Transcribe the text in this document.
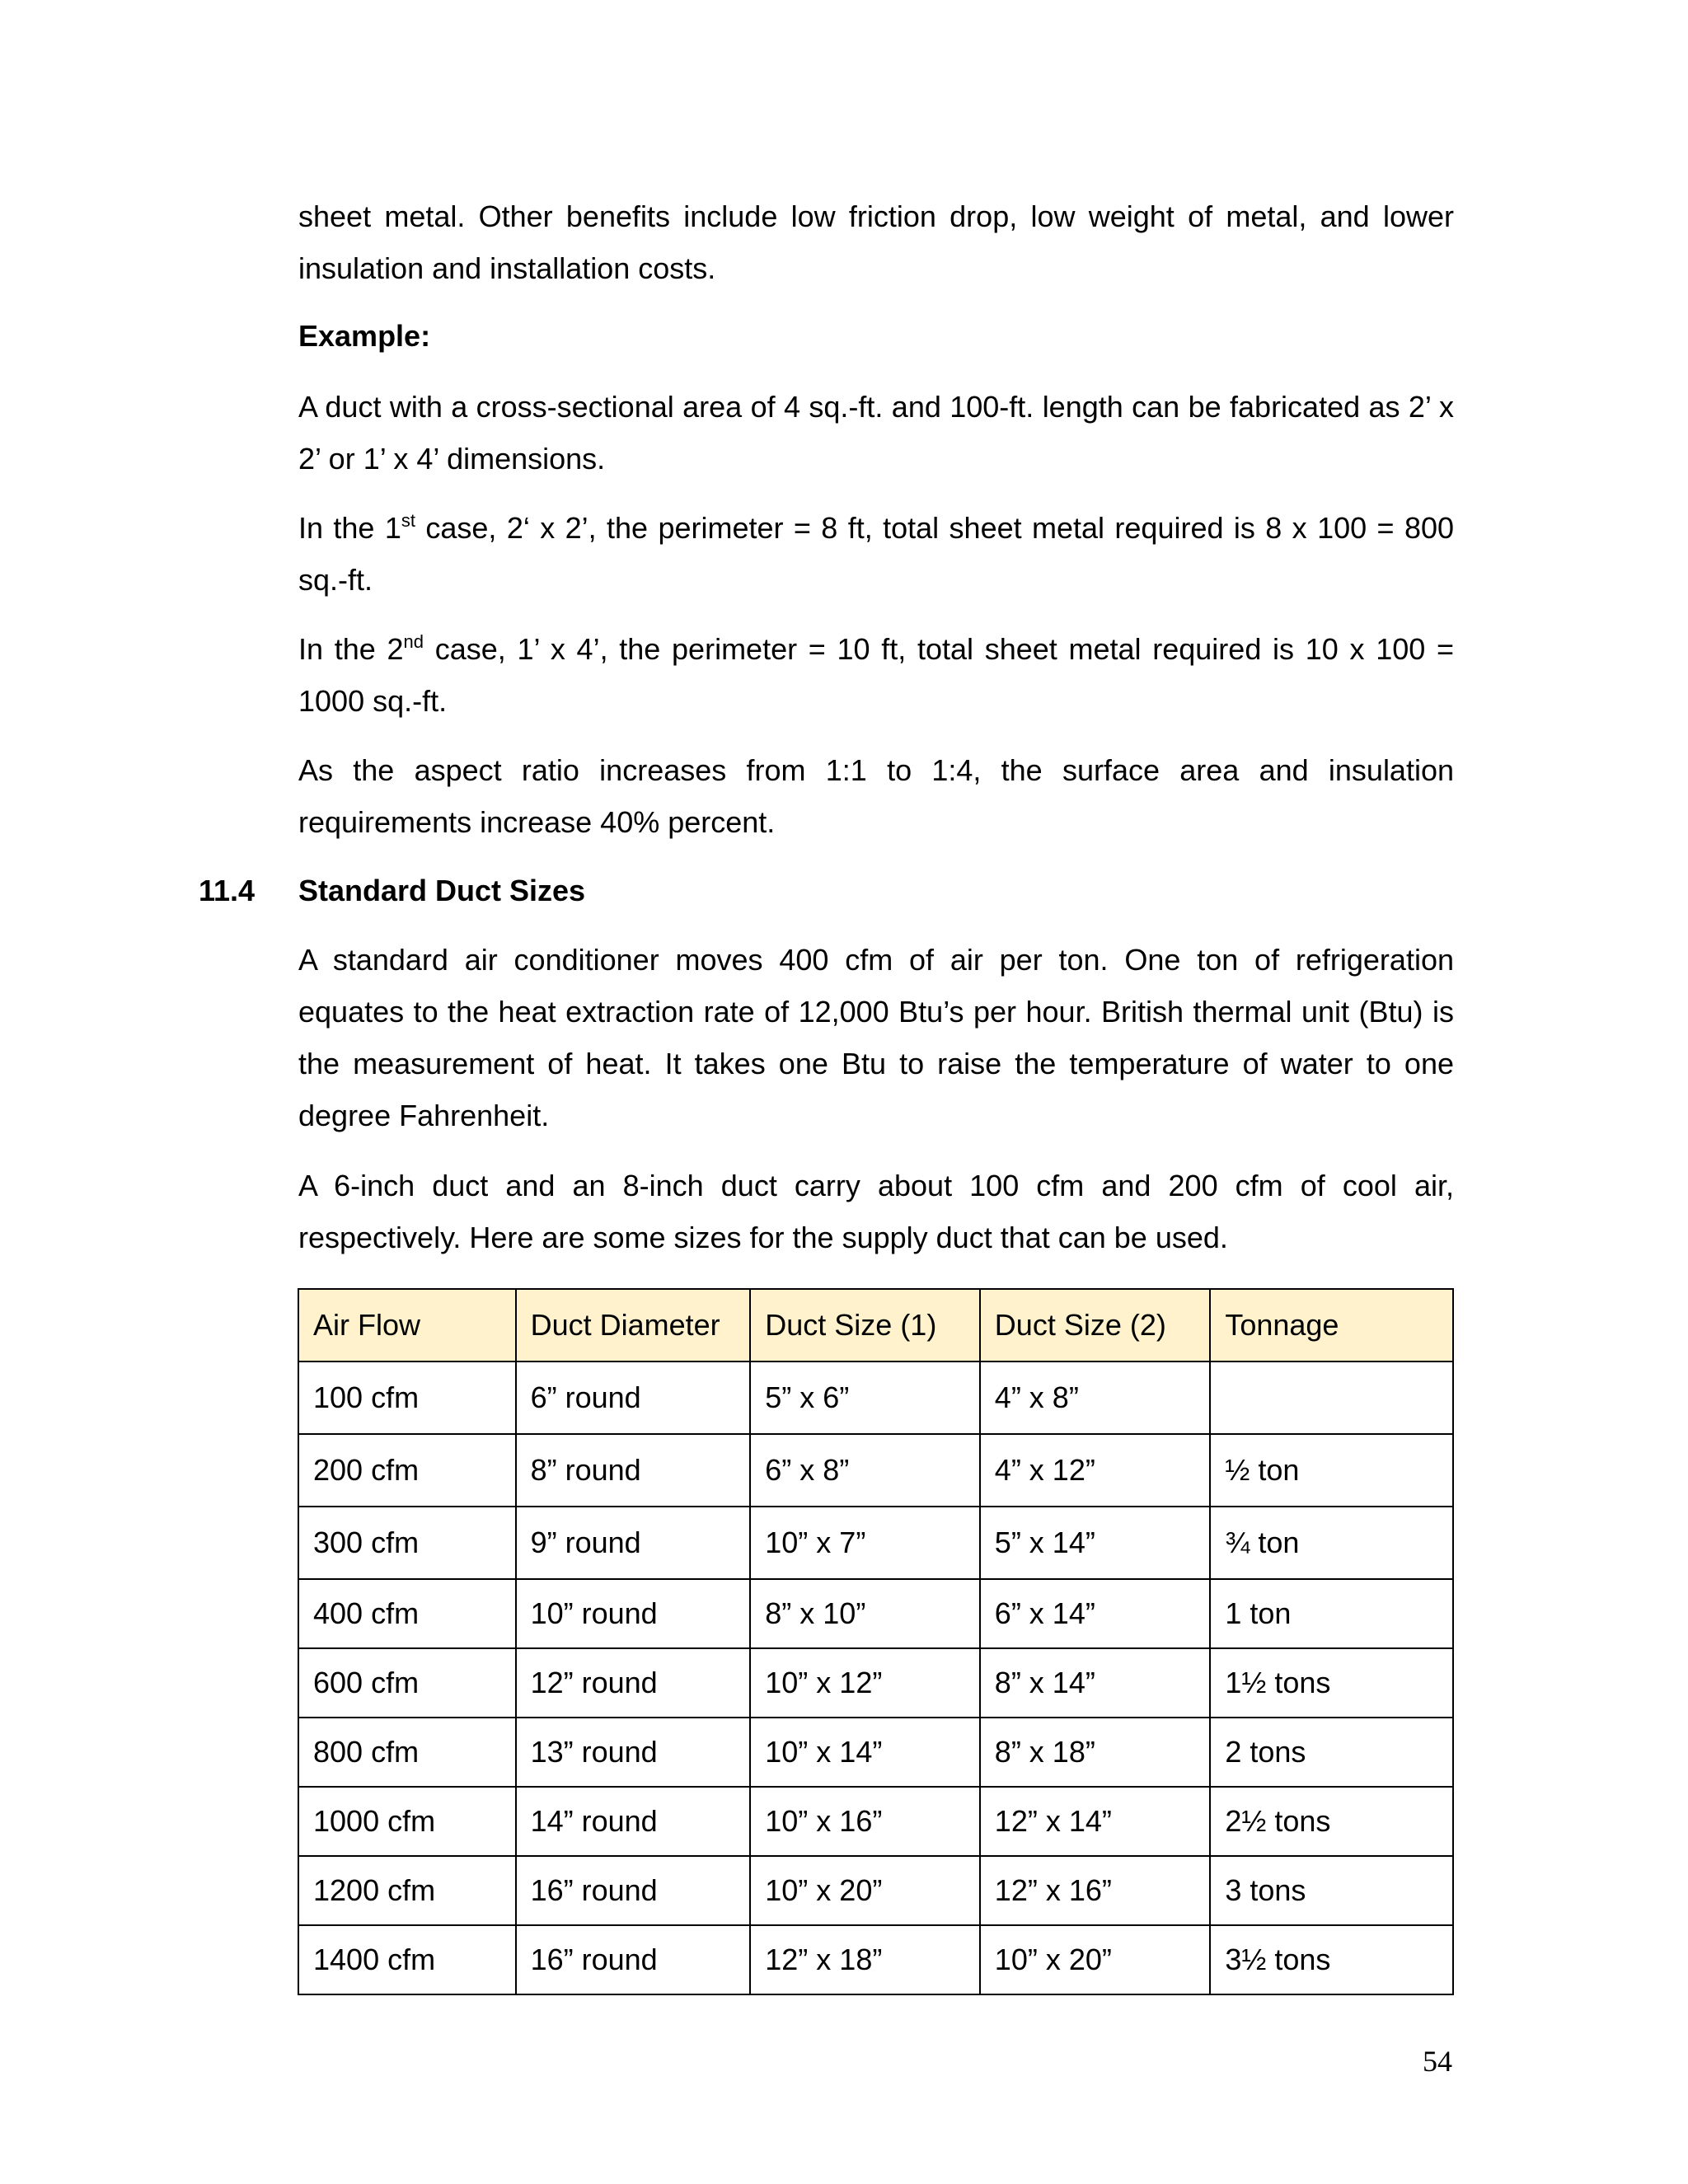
sheet metal. Other benefits include low friction drop, low weight of metal, and lower insulation and installation costs.

Example:

A duct with a cross-sectional area of 4 sq.-ft. and 100-ft. length can be fabricated as 2’ x 2’ or 1’ x 4’ dimensions.

In the 1st case, 2‘ x 2’, the perimeter = 8 ft, total sheet metal required is 8 x 100 = 800 sq.-ft.

In the 2nd case, 1’ x 4’, the perimeter = 10 ft, total sheet metal required is 10 x 100 = 1000 sq.-ft.

As the aspect ratio increases from 1:1 to 1:4, the surface area and insulation requirements increase 40% percent.

11.4 Standard Duct Sizes

A standard air conditioner moves 400 cfm of air per ton. One ton of refrigeration equates to the heat extraction rate of 12,000 Btu’s per hour. British thermal unit (Btu) is the measurement of heat. It takes one Btu to raise the temperature of water to one degree Fahrenheit.

A 6-inch duct and an 8-inch duct carry about 100 cfm and 200 cfm of cool air, respectively. Here are some sizes for the supply duct that can be used.

Air Flow	Duct Diameter	Duct Size (1)	Duct Size (2)	Tonnage
100 cfm	6” round	5” x 6”	4” x 8”	
200 cfm	8” round	6” x 8”	4” x 12”	½ ton
300 cfm	9” round	10” x 7”	5” x 14”	¾ ton
400 cfm	10” round	8” x 10”	6” x 14”	1 ton
600 cfm	12” round	10” x 12”	8” x 14”	1½ tons
800 cfm	13” round	10” x 14”	8” x 18”	2 tons
1000 cfm	14” round	10” x 16”	12” x 14”	2½ tons
1200 cfm	16” round	10” x 20”	12” x 16”	3 tons
1400 cfm	16” round	12” x 18”	10” x 20”	3½ tons
54
